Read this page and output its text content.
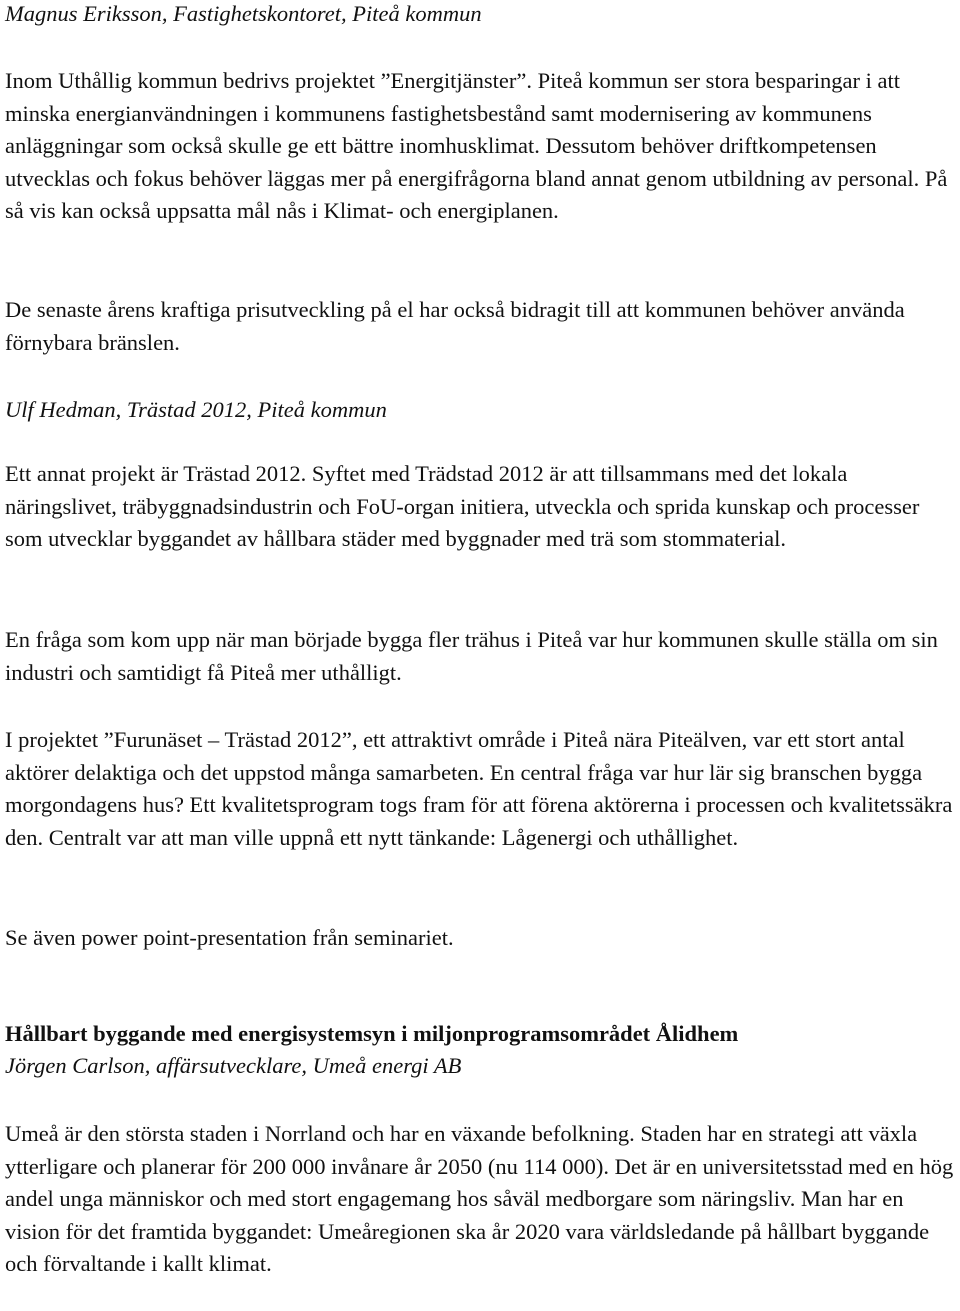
Magnus Eriksson, Fastighetskontoret, Piteå kommun

Inom Uthållig kommun bedrivs projektet ”Energitjänster”. Piteå kommun ser stora besparingar i att minska energianvändningen i kommunens fastighetsbestånd samt modernisering av kommunens anläggningar som också skulle ge ett bättre inomhusklimat. Dessutom behöver driftkompetensen utvecklas och fokus behöver läggas mer på energifrågorna bland annat genom utbildning av personal. På så vis kan också uppsatta mål nås i Klimat- och energiplanen.

De senaste årens kraftiga prisutveckling på el har också bidragit till att kommunen behöver använda förnybara bränslen.

Ulf Hedman, Trästad 2012, Piteå kommun

Ett annat projekt är Trästad 2012. Syftet med Trädstad 2012 är att tillsammans med det lokala näringslivet, träbyggnadsindustrin och FoU-organ initiera, utveckla och sprida kunskap och processer som utvecklar byggandet av hållbara städer med byggnader med trä som stommaterial.

En fråga som kom upp när man började bygga fler trähus i Piteå var hur kommunen skulle ställa om sin industri och samtidigt få Piteå mer uthålligt.

I projektet ”Furunäset – Trästad 2012”, ett attraktivt område i Piteå nära Piteälven, var ett stort antal aktörer delaktiga och det uppstod många samarbeten. En central fråga var hur lär sig branschen bygga morgondagens hus? Ett kvalitetsprogram togs fram för att förena aktörerna i processen och kvalitetssäkra den. Centralt var att man ville uppnå ett nytt tänkande: Lågenergi och uthållighet.

Se även power point-presentation från seminariet.

Hållbart byggande med energisystemsyn i miljonprogramsområdet Ålidhem

Jörgen Carlson, affärsutvecklare, Umeå energi AB

Umeå är den största staden i Norrland och har en växande befolkning. Staden har en strategi att växla ytterligare och planerar för 200 000 invånare år 2050 (nu 114 000). Det är en universitetsstad med en hög andel unga människor och med stort engagemang hos såväl medborgare som näringsliv. Man har en vision för det framtida byggandet: Umeåregionen ska år 2020 vara världsledande på hållbart byggande och förvaltande i kallt klimat.
